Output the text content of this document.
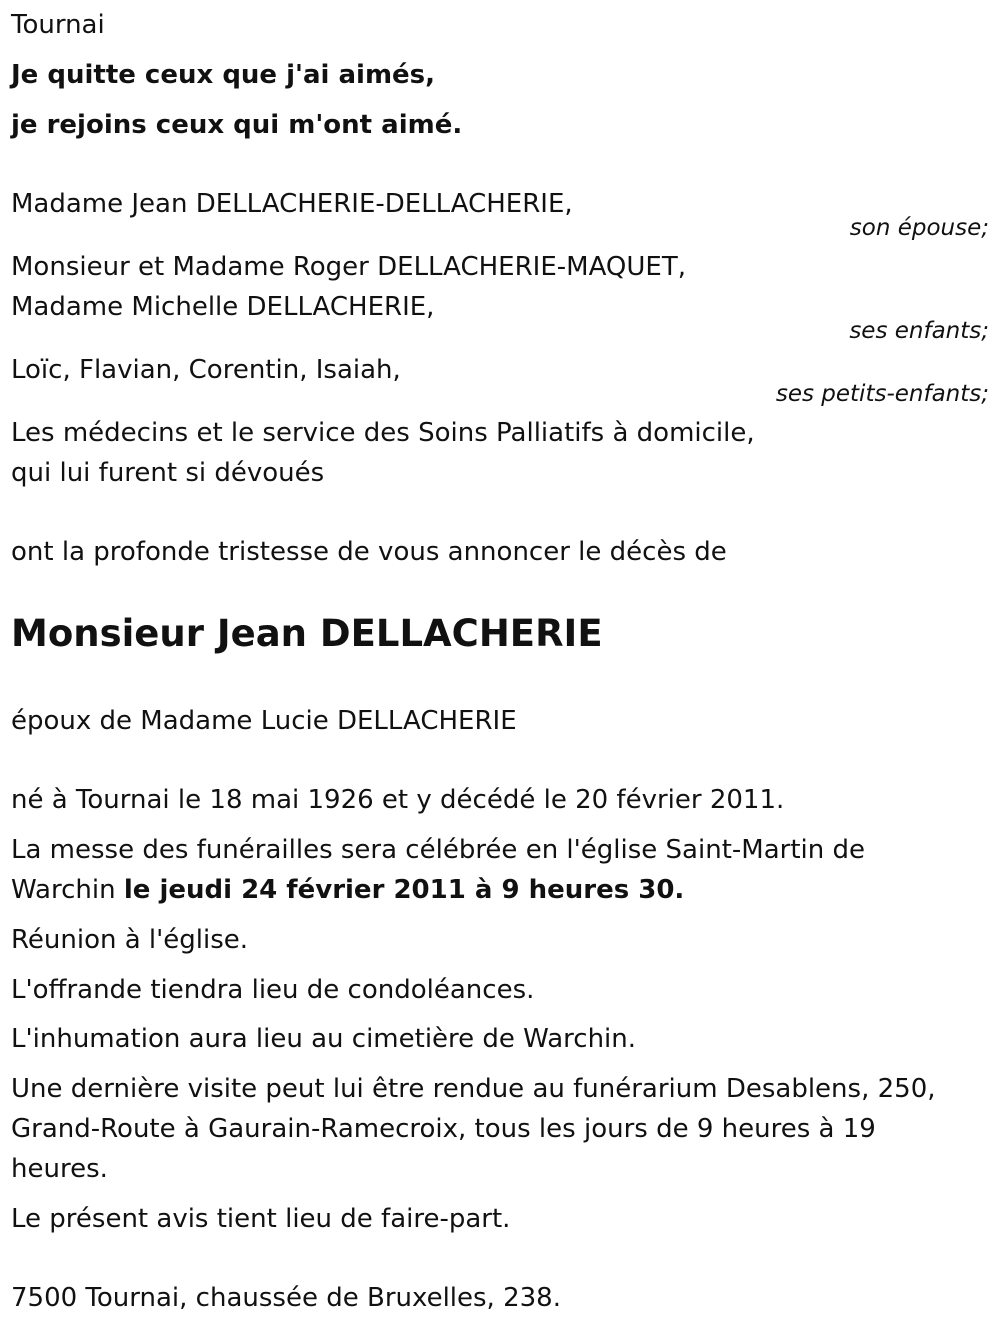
Tournai

Je quitte ceux que j'ai aimés,

je rejoins ceux qui m'ont aimé.

Madame Jean DELLACHERIE-DELLACHERIE,

son épouse;

Monsieur et Madame Roger DELLACHERIE-MAQUET,

Madame Michelle DELLACHERIE,

ses enfants;

Loïc, Flavian, Corentin, Isaiah,

ses petits-enfants;

Les médecins et le service des Soins Palliatifs à domicile,

qui lui furent si dévoués

ont la profonde tristesse de vous annoncer le décès de

Monsieur Jean DELLACHERIE

époux de Madame Lucie DELLACHERIE

né à Tournai le 18 mai 1926 et y décédé le 20 février 2011.

La messe des funérailles sera célébrée en l'église Saint-Martin de

Warchin le jeudi 24 février 2011 à 9 heures 30.

Réunion à l'église.

L'offrande tiendra lieu de condoléances.

L'inhumation aura lieu au cimetière de Warchin.

Une dernière visite peut lui être rendue au funérarium Desablens, 250,

Grand-Route à Gaurain-Ramecroix, tous les jours de 9 heures à 19

heures.

Le présent avis tient lieu de faire-part.

7500 Tournai, chaussée de Bruxelles, 238.
